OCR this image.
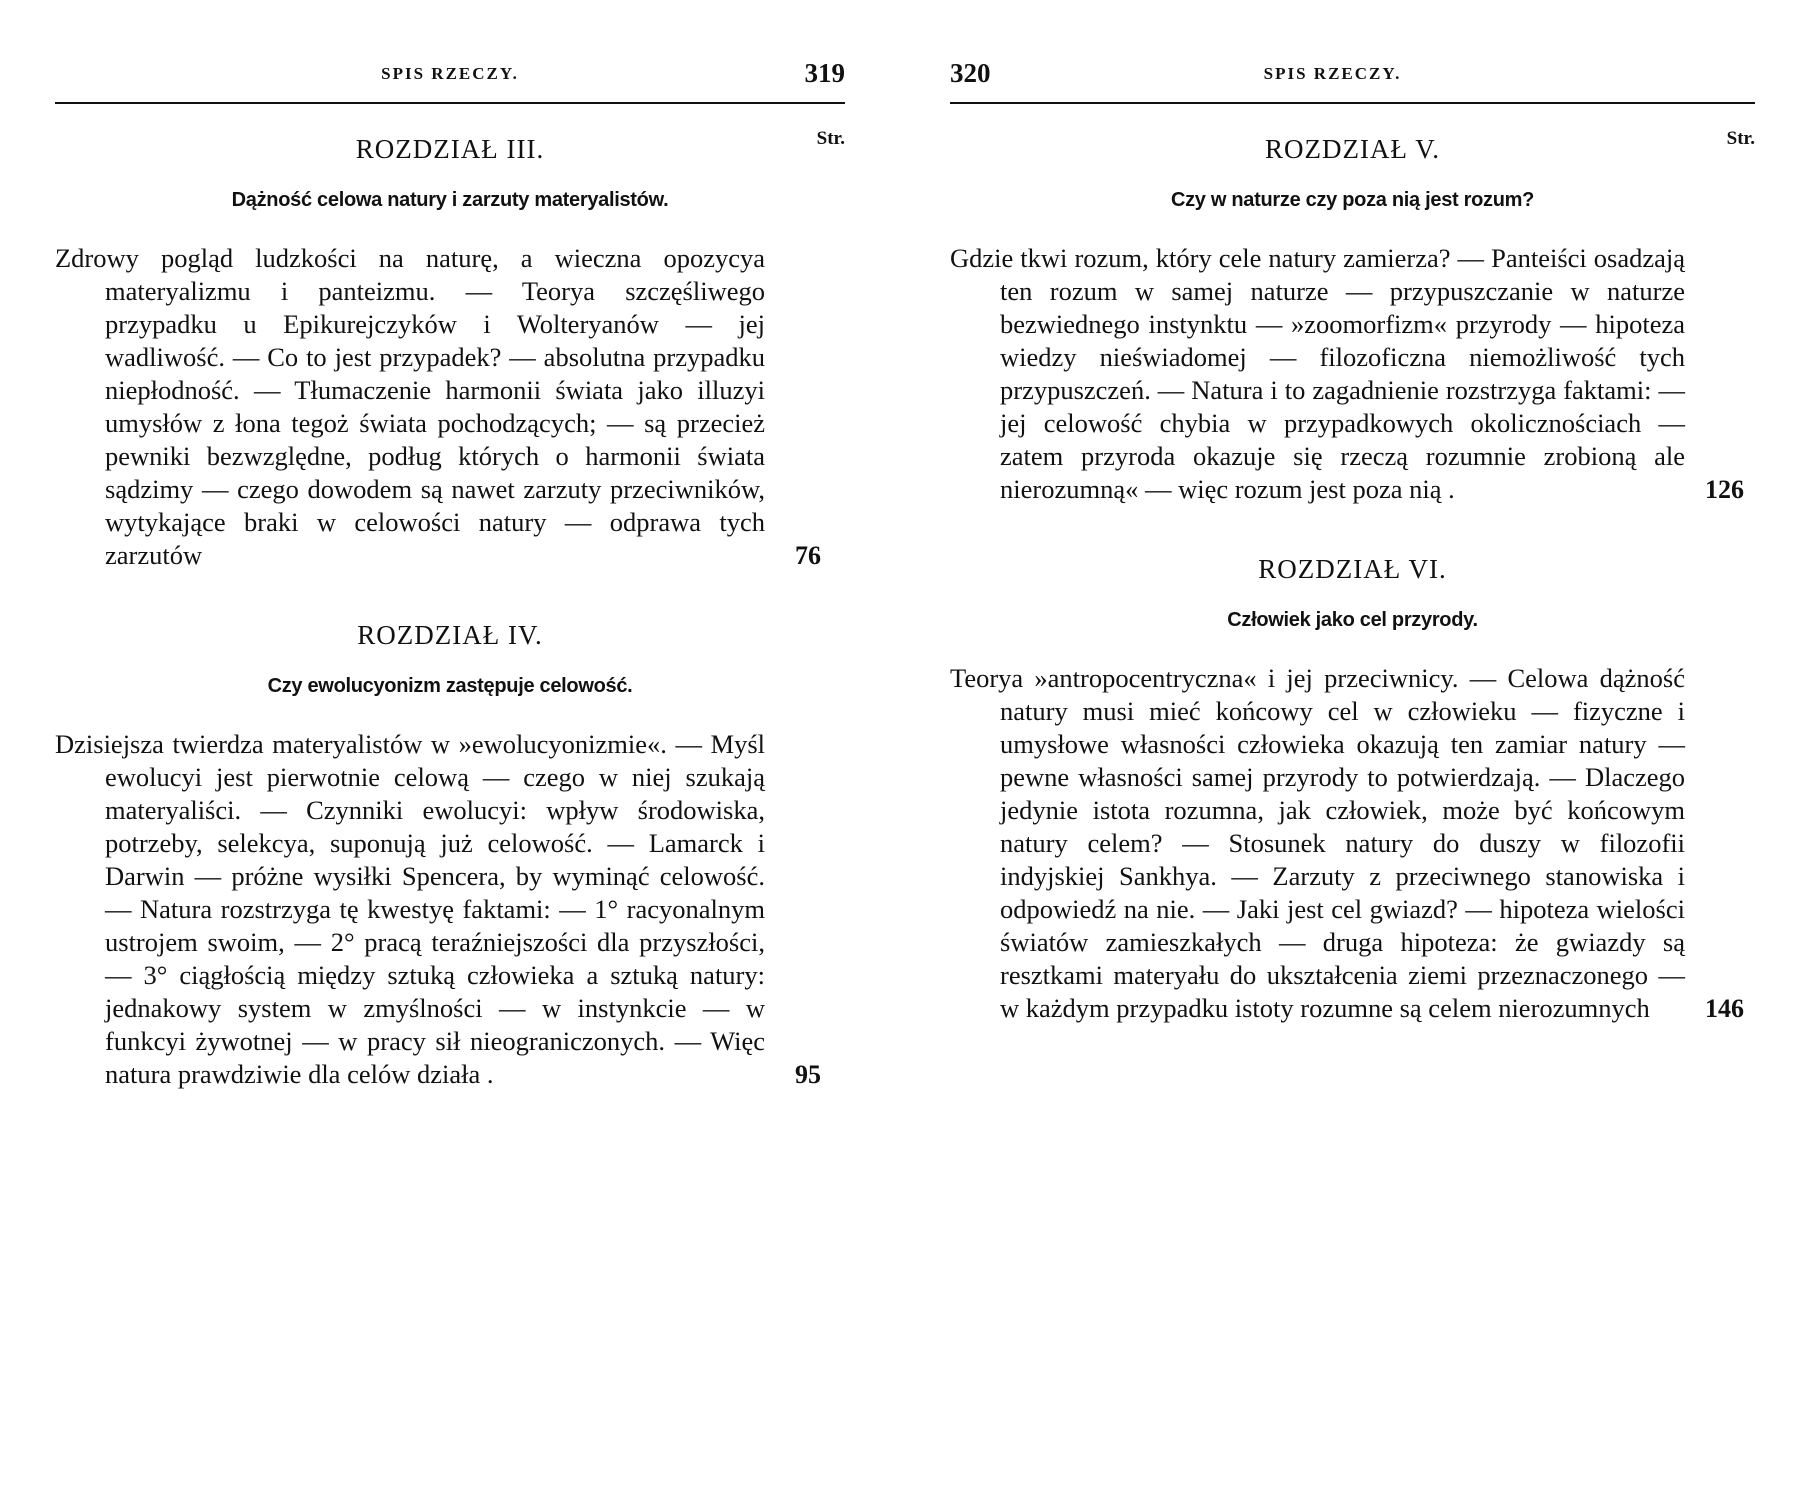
SPIS RZECZY.	319
Str.
ROZDZIAŁ III.
Dążność celowa natury i zarzuty materyalistów.
Zdrowy pogląd ludzkości na naturę, a wieczna opozycya materyalizmu i panteizmu. — Teorya szczęśliwego przypadku u Epikurejczyków i Wolteryanów — jej wadliwość. — Co to jest przypadek? — absolutna przypadku niepłodność. — Tłumaczenie harmonii świata jako illuzyi umysłów z łona tegoż świata pochodzących; — są przecież pewniki bezwzględne, podług których o harmonii świata sądzimy — czego dowodem są nawet zarzuty przeciwników, wytykające braki w celowości natury — odprawa tych zarzutów	76
ROZDZIAŁ IV.
Czy ewolucyonizm zastępuje celowość.
Dzisiejsza twierdza materyalistów w »ewolucyonizmie«. — Myśl ewolucyi jest pierwotnie celową — czego w niej szukają materyaliści. — Czynniki ewolucyi: wpływ środowiska, potrzeby, selekcya, suponują już celowość. — Lamarck i Darwin — próżne wysiłki Spencera, by wyminąć celowość. — Natura rozstrzyga tę kwestyę faktami: — 1° racyonalnym ustrojem swoim, — 2° pracą teraźniejszości dla przyszłości, — 3° ciągłością między sztuką człowieka a sztuką natury: jednakowy system w zmyślności — w instynkcie — w funkcyi żywotnej — w pracy sił nieograniczonych. — Więc natura prawdziwie dla celów działa .	95
320	SPIS RZECZY.
Str.
ROZDZIAŁ V.
Czy w naturze czy poza nią jest rozum?
Gdzie tkwi rozum, który cele natury zamierza? — Panteiści osadzają ten rozum w samej naturze — przypuszczanie w naturze bezwiednego instynktu — »zoomorfizm« przyrody — hipoteza wiedzy nieświadomej — filozoficzna niemożliwość tych przypuszczeń. — Natura i to zagadnienie rozstrzyga faktami: — jej celowość chybia w przypadkowych okolicznościach — zatem przyroda okazuje się rzeczą rozumnie zrobioną ale nierozumną« — więc rozum jest poza nią .	126
ROZDZIAŁ VI.
Człowiek jako cel przyrody.
Teorya »antropocentryczna« i jej przeciwnicy. — Celowa dążność natury musi mieć końcowy cel w człowieku — fizyczne i umysłowe własności człowieka okazują ten zamiar natury — pewne własności samej przyrody to potwierdzają. — Dlaczego jedynie istota rozumna, jak człowiek, może być końcowym natury celem? — Stosunek natury do duszy w filozofii indyjskiej Sankhya. — Zarzuty z przeciwnego stanowiska i odpowiedź na nie. — Jaki jest cel gwiazd? — hipoteza wielości światów zamieszkałych — druga hipoteza: że gwiazdy są resztkami materyału do ukształcenia ziemi przeznaczonego — w każdym przypadku istoty rozumne są celem nierozumnych 146
